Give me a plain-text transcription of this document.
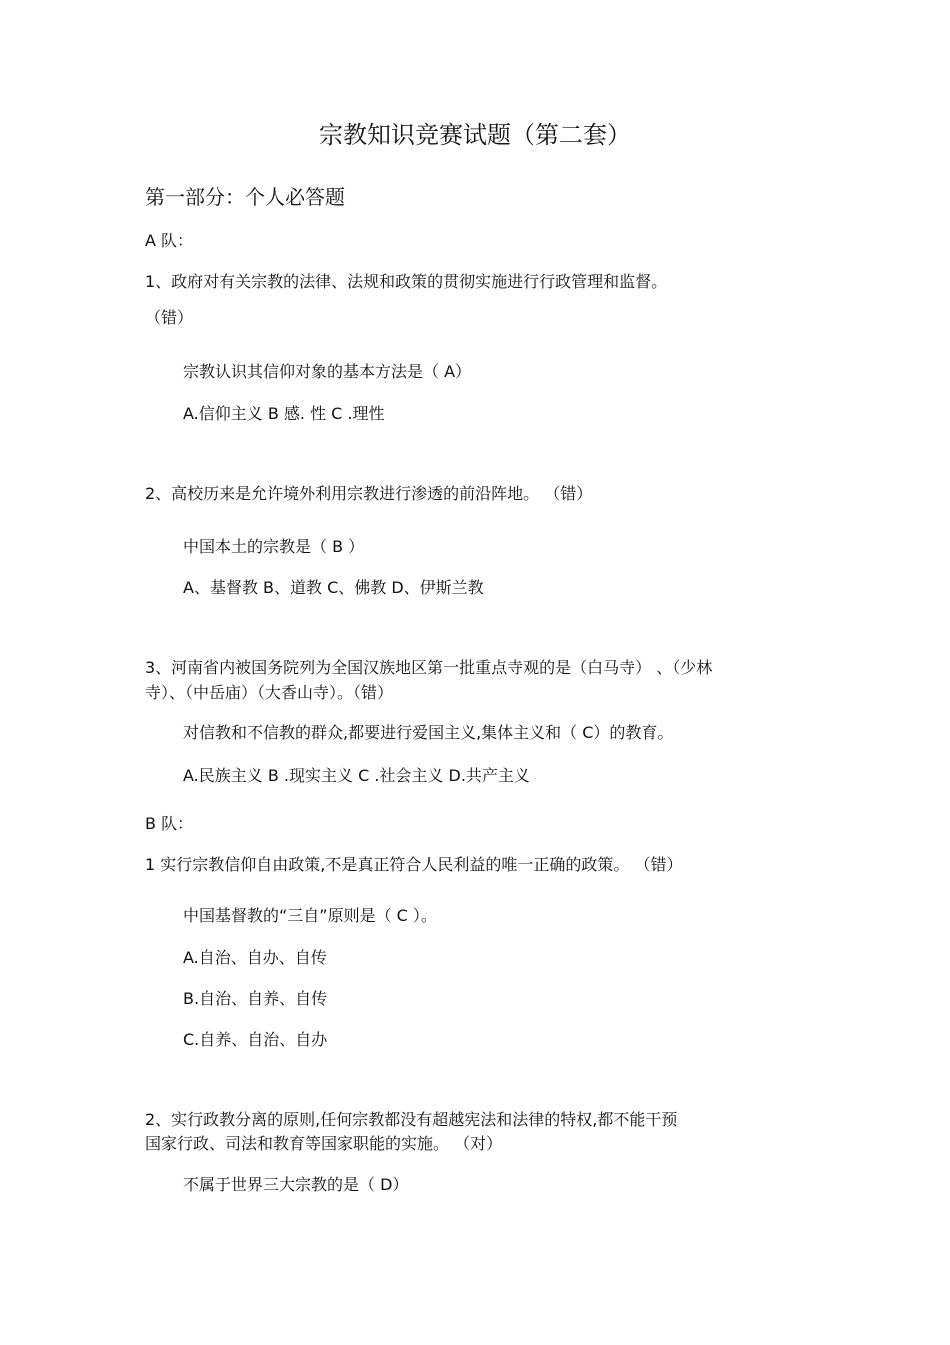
宗教知识竞赛试题（第二套）
第一部分：个人必答题
A 队：
1、政府对有关宗教的法律、法规和政策的贯彻实施进行行政管理和监督。
（错）
宗教认识其信仰对象的基本方法是（ A）
A.信仰主义 B 感. 性 C .理性
2、高校历来是允许境外利用宗教进行渗透的前沿阵地。 （错）
中国本土的宗教是（ B ）
A、基督教 B、道教 C、佛教 D、伊斯兰教
3、河南省内被国务院列为全国汉族地区第一批重点寺观的是（白马寺） 、（少林
寺）、（中岳庙）（大香山寺）。（错）
对信教和不信教的群众,都要进行爱国主义,集体主义和（ C）的教育。
A.民族主义 B .现实主义 C .社会主义 D.共产主义
B 队：
1 实行宗教信仰自由政策,不是真正符合人民利益的唯一正确的政策。 （错）
中国基督教的“三自”原则是（ C ）。
A.自治、自办、自传
B.自治、自养、自传
C.自养、自治、自办
2、实行政教分离的原则,任何宗教都没有超越宪法和法律的特权,都不能干预
国家行政、司法和教育等国家职能的实施。 （对）
不属于世界三大宗教的是（ D）
